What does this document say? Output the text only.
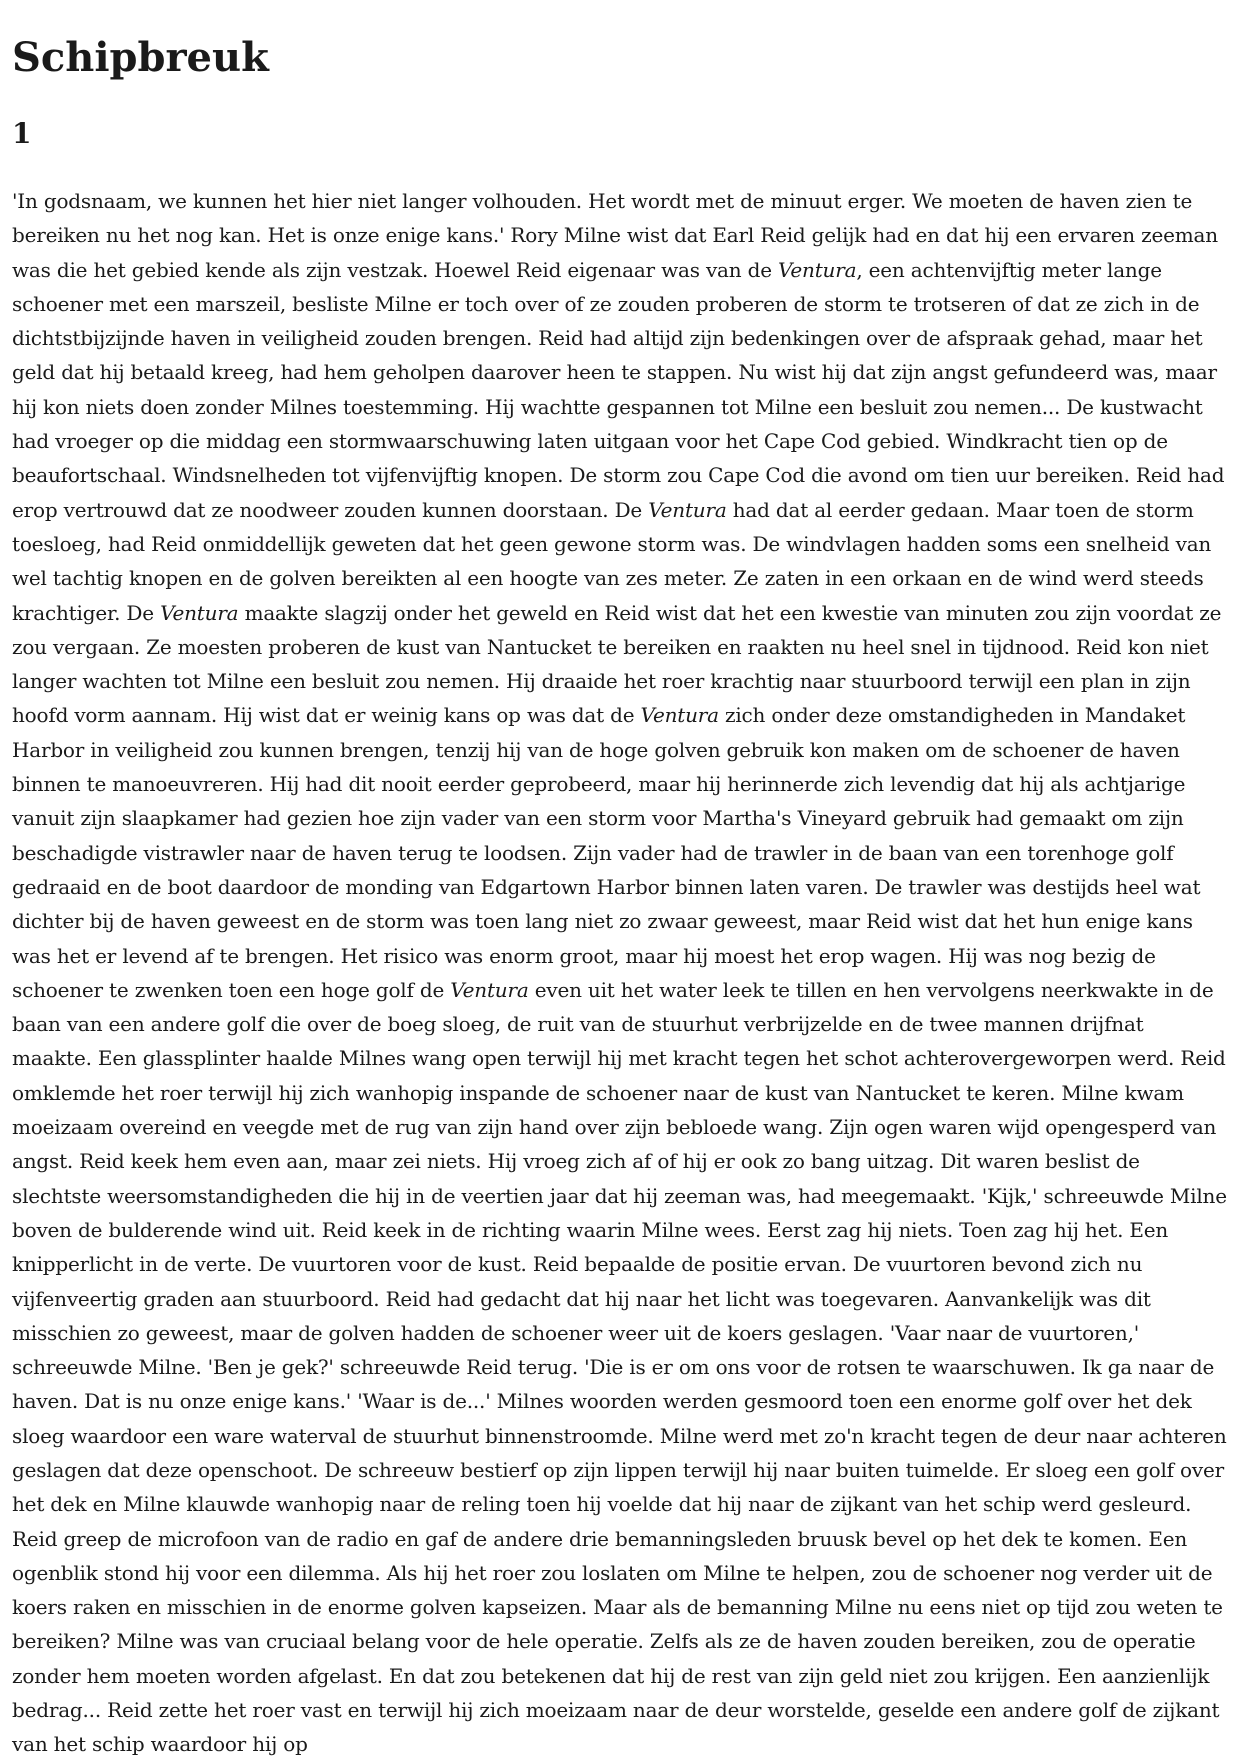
Schipbreuk
1

'In godsnaam, we kunnen het hier niet langer volhouden. Het wordt met de minuut erger. We moeten de haven zien te bereiken nu het nog kan. Het is onze enige kans.' Rory Milne wist dat Earl Reid gelijk had en dat hij een ervaren zeeman was die het gebied kende als zijn vestzak. Hoewel Reid eigenaar was van de Ventura, een achtenvijftig meter lange schoener met een marszeil, besliste Milne er toch over of ze zouden proberen de storm te trotseren of dat ze zich in de dichtstbijzijnde haven in veiligheid zouden brengen. Reid had altijd zijn bedenkingen over de afspraak gehad, maar het geld dat hij betaald kreeg, had hem geholpen daarover heen te stappen. Nu wist hij dat zijn angst gefundeerd was, maar hij kon niets doen zonder Milnes toestemming. Hij wachtte gespannen tot Milne een besluit zou nemen... De kustwacht had vroeger op die middag een stormwaarschuwing laten uitgaan voor het Cape Cod gebied. Windkracht tien op de beaufortschaal. Windsnelheden tot vijfenvijftig knopen. De storm zou Cape Cod die avond om tien uur bereiken. Reid had erop vertrouwd dat ze noodweer zouden kunnen doorstaan. De Ventura had dat al eerder gedaan. Maar toen de storm toesloeg, had Reid onmiddellijk geweten dat het geen gewone storm was. De windvlagen hadden soms een snelheid van wel tachtig knopen en de golven bereikten al een hoogte van zes meter. Ze zaten in een orkaan en de wind werd steeds krachtiger. De Ventura maakte slagzij onder het geweld en Reid wist dat het een kwestie van minuten zou zijn voordat ze zou vergaan. Ze moesten proberen de kust van Nantucket te bereiken en raakten nu heel snel in tijdnood. Reid kon niet langer wachten tot Milne een besluit zou nemen. Hij draaide het roer krachtig naar stuurboord terwijl een plan in zijn hoofd vorm aannam. Hij wist dat er weinig kans op was dat de Ventura zich onder deze omstandigheden in Mandaket Harbor in veiligheid zou kunnen brengen, tenzij hij van de hoge golven gebruik kon maken om de schoener de haven binnen te manoeuvreren. Hij had dit nooit eerder geprobeerd, maar hij herinnerde zich levendig dat hij als achtjarige vanuit zijn slaapkamer had gezien hoe zijn vader van een storm voor Martha's Vineyard gebruik had gemaakt om zijn beschadigde vistrawler naar de haven terug te loodsen. Zijn vader had de trawler in de baan van een torenhoge golf gedraaid en de boot daardoor de monding van Edgartown Harbor binnen laten varen. De trawler was destijds heel wat dichter bij de haven geweest en de storm was toen lang niet zo zwaar geweest, maar Reid wist dat het hun enige kans was het er levend af te brengen. Het risico was enorm groot, maar hij moest het erop wagen. Hij was nog bezig de schoener te zwenken toen een hoge golf de Ventura even uit het water leek te tillen en hen vervolgens neerkwakte in de baan van een andere golf die over de boeg sloeg, de ruit van de stuurhut verbrijzelde en de twee mannen drijfnat maakte. Een glassplinter haalde Milnes wang open terwijl hij met kracht tegen het schot achterovergeworpen werd. Reid omklemde het roer terwijl hij zich wanhopig inspande de schoener naar de kust van Nantucket te keren. Milne kwam moeizaam overeind en veegde met de rug van zijn hand over zijn bebloede wang. Zijn ogen waren wijd opengesperd van angst. Reid keek hem even aan, maar zei niets. Hij vroeg zich af of hij er ook zo bang uitzag. Dit waren beslist de slechtste weersomstandigheden die hij in de veertien jaar dat hij zeeman was, had meegemaakt. 'Kijk,' schreeuwde Milne boven de bulderende wind uit. Reid keek in de richting waarin Milne wees. Eerst zag hij niets. Toen zag hij het. Een knipperlicht in de verte. De vuurtoren voor de kust. Reid bepaalde de positie ervan. De vuurtoren bevond zich nu vijfenveertig graden aan stuurboord. Reid had gedacht dat hij naar het licht was toegevaren. Aanvankelijk was dit misschien zo geweest, maar de golven hadden de schoener weer uit de koers geslagen. 'Vaar naar de vuurtoren,' schreeuwde Milne. 'Ben je gek?' schreeuwde Reid terug. 'Die is er om ons voor de rotsen te waarschuwen. Ik ga naar de haven. Dat is nu onze enige kans.' 'Waar is de...' Milnes woorden werden gesmoord toen een enorme golf over het dek sloeg waardoor een ware waterval de stuurhut binnenstroomde. Milne werd met zo'n kracht tegen de deur naar achteren geslagen dat deze openschoot. De schreeuw bestierf op zijn lippen terwijl hij naar buiten tuimelde. Er sloeg een golf over het dek en Milne klauwde wanhopig naar de reling toen hij voelde dat hij naar de zijkant van het schip werd gesleurd. Reid greep de microfoon van de radio en gaf de andere drie bemanningsleden bruusk bevel op het dek te komen. Een ogenblik stond hij voor een dilemma. Als hij het roer zou loslaten om Milne te helpen, zou de schoener nog verder uit de koers raken en misschien in de enorme golven kapseizen. Maar als de bemanning Milne nu eens niet op tijd zou weten te bereiken? Milne was van cruciaal belang voor de hele operatie. Zelfs als ze de haven zouden bereiken, zou de operatie zonder hem moeten worden afgelast. En dat zou betekenen dat hij de rest van zijn geld niet zou krijgen. Een aanzienlijk bedrag... Reid zette het roer vast en terwijl hij zich moeizaam naar de deur worstelde, geselde een andere golf de zijkant van het schip waardoor hij op
